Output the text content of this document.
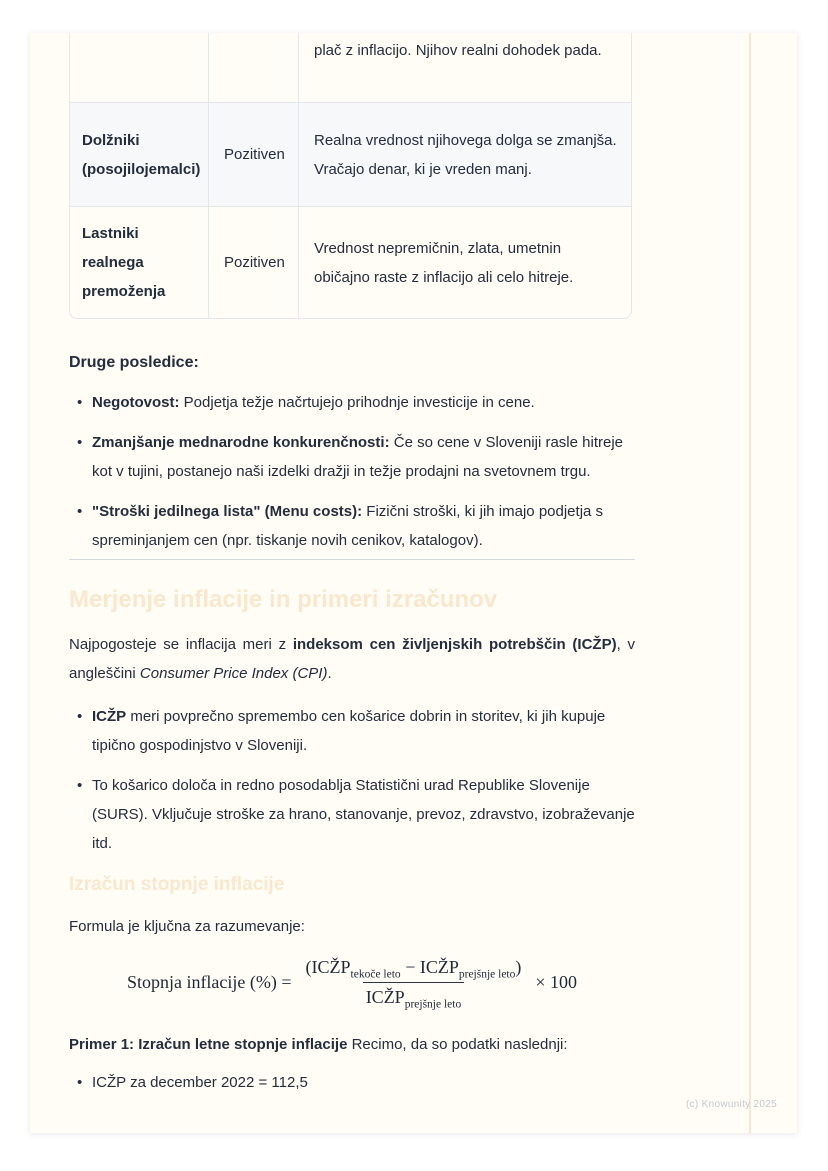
		plač z inflacijo. Njihov realni dohodek pada.
Dolžniki (posojilojemalci)	Pozitiven	Realna vrednost njihovega dolga se zmanjša. Vračajo denar, ki je vreden manj.
Lastniki realnega premoženja	Pozitiven	Vrednost nepremičnin, zlata, umetnin običajno raste z inflacijo ali celo hitreje.

Druge posledice:

• Negotovost: Podjetja težje načrtujejo prihodnje investicije in cene.
• Zmanjšanje mednarodne konkurenčnosti: Če so cene v Sloveniji rasle hitreje kot v tujini, postanejo naši izdelki dražji in težje prodajni na svetovnem trgu.
• "Stroški jedilnega lista" (Menu costs): Fizični stroški, ki jih imajo podjetja s spreminjanjem cen (npr. tiskanje novih cenikov, katalogov).
Merjenje inflacije in primeri izračunov

Najpogosteje se inflacija meri z indeksom cen življenjskih potrebščin (ICŽP), v angleščini Consumer Price Index (CPI).

• ICŽP meri povprečno spremembo cen košarice dobrin in storitev, ki jih kupuje tipično gospodinjstvo v Sloveniji.
• To košarico določa in redno posodablja Statistični urad Republike Slovenije (SURS). Vključuje stroške za hrano, stanovanje, prevoz, zdravstvo, izobraževanje itd.
Izračun stopnje inflacije

Formula je ključna za razumevanje:

Stopnja inflacije (%) = $\frac{(ICŽP_{tekoče leto} - ICŽP_{prejšnje leto})}{ICŽP_{prejšnje leto}} \times 100$

Primer 1: Izračun letne stopnje inflacije Recimo, da so podatki naslednji:

• ICŽP za december 2022 = 112,5
(c) Knowunity 2025
